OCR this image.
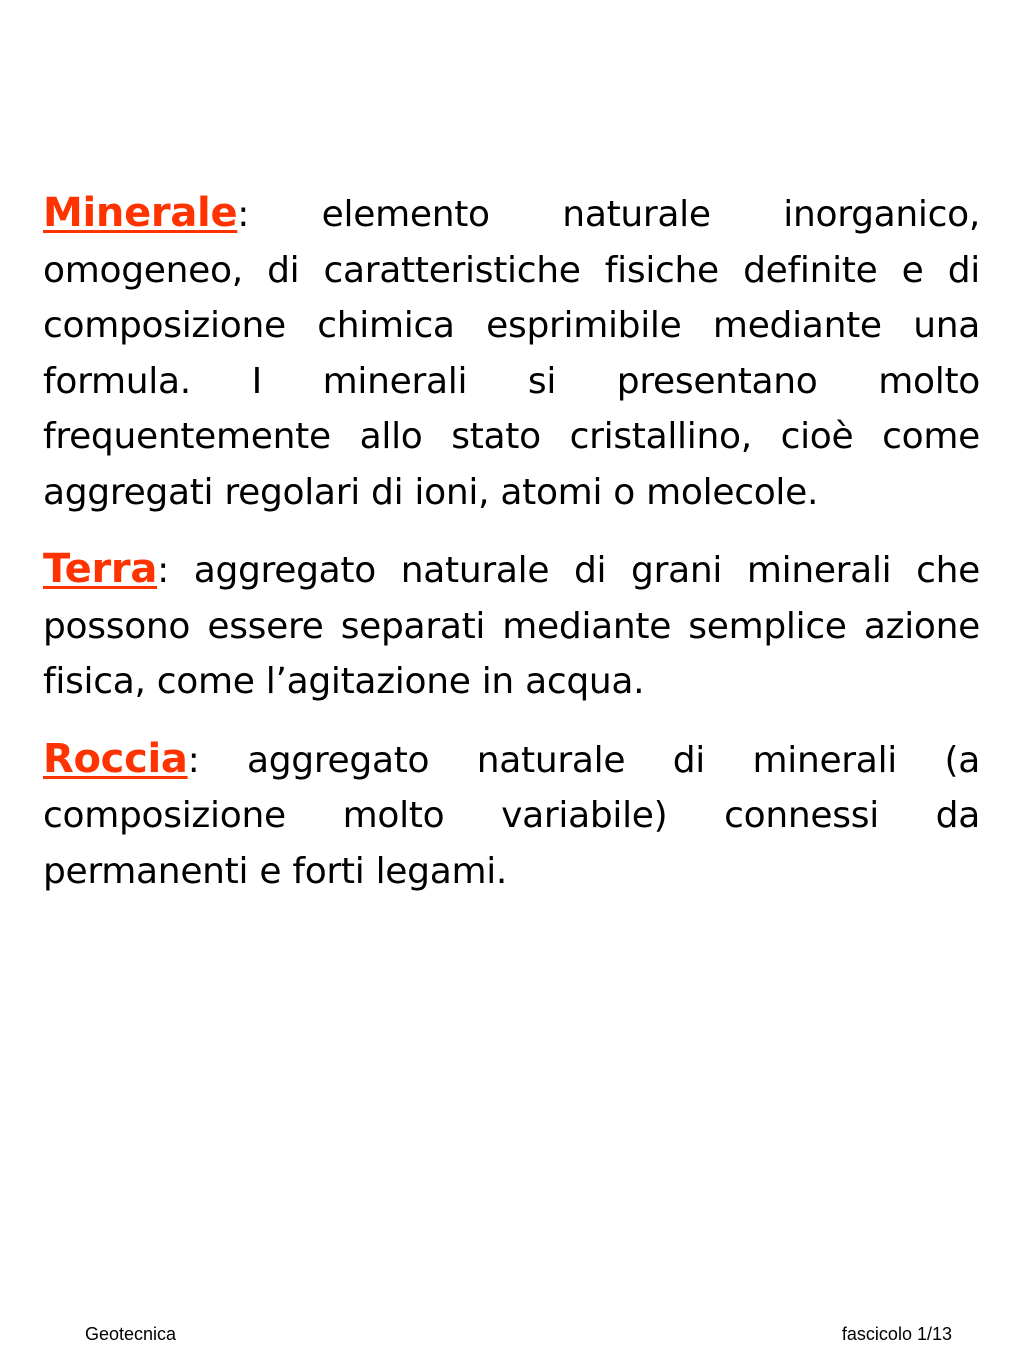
Minerale: elemento naturale inorganico, omogeneo, di caratteristiche fisiche definite e di composizione chimica esprimibile mediante una formula. I minerali si presentano molto frequentemente allo stato cristallino, cioè come aggregati regolari di ioni, atomi o molecole.

Terra: aggregato naturale di grani minerali che possono essere separati mediante semplice azione fisica, come l’agitazione in acqua.

Roccia: aggregato naturale di minerali (a composizione molto variabile) connessi da permanenti e forti legami.

Geotecnica	fascicolo 1/13
